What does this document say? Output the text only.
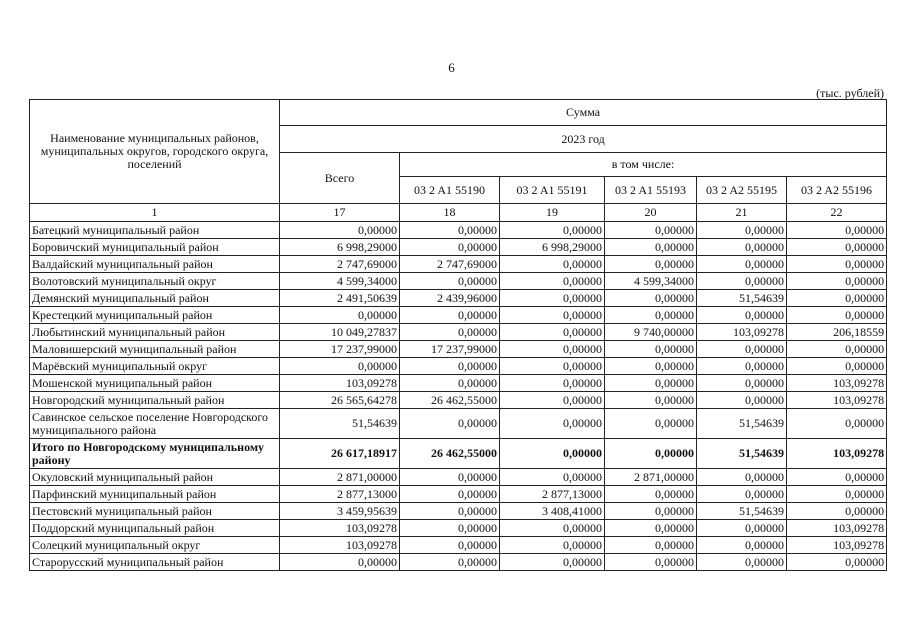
6
(тыс. рублей)
Наименование муниципальных районов, муниципальных округов, городского округа, поселений	Сумма					
	2023 год					
	Всего	в том числе:				
		03 2 A1 55190	03 2 A1 55191	03 2 A1 55193	03 2 A2 55195	03 2 A2 55196
1	17	18	19	20	21	22
Батецкий муниципальный район	0,00000	0,00000	0,00000	0,00000	0,00000	0,00000
Боровичский муниципальный район	6 998,29000	0,00000	6 998,29000	0,00000	0,00000	0,00000
Валдайский муниципальный район	2 747,69000	2 747,69000	0,00000	0,00000	0,00000	0,00000
Волотовский муниципальный округ	4 599,34000	0,00000	0,00000	4 599,34000	0,00000	0,00000
Демянский муниципальный район	2 491,50639	2 439,96000	0,00000	0,00000	51,54639	0,00000
Крестецкий муниципальный район	0,00000	0,00000	0,00000	0,00000	0,00000	0,00000
Любытинский муниципальный район	10 049,27837	0,00000	0,00000	9 740,00000	103,09278	206,18559
Маловишерский муниципальный район	17 237,99000	17 237,99000	0,00000	0,00000	0,00000	0,00000
Марёвский муниципальный округ	0,00000	0,00000	0,00000	0,00000	0,00000	0,00000
Мошенской муниципальный район	103,09278	0,00000	0,00000	0,00000	0,00000	103,09278
Новгородский муниципальный район	26 565,64278	26 462,55000	0,00000	0,00000	0,00000	103,09278
Савинское сельское поселение Новгородского муниципального района	51,54639	0,00000	0,00000	0,00000	51,54639	0,00000
Итого по Новгородскому муниципальному району	26 617,18917	26 462,55000	0,00000	0,00000	51,54639	103,09278
Окуловский муниципальный район	2 871,00000	0,00000	0,00000	2 871,00000	0,00000	0,00000
Парфинский муниципальный район	2 877,13000	0,00000	2 877,13000	0,00000	0,00000	0,00000
Пестовский муниципальный район	3 459,95639	0,00000	3 408,41000	0,00000	51,54639	0,00000
Поддорский муниципальный район	103,09278	0,00000	0,00000	0,00000	0,00000	103,09278
Солецкий муниципальный округ	103,09278	0,00000	0,00000	0,00000	0,00000	103,09278
Старорусский муниципальный район	0,00000	0,00000	0,00000	0,00000	0,00000	0,00000
